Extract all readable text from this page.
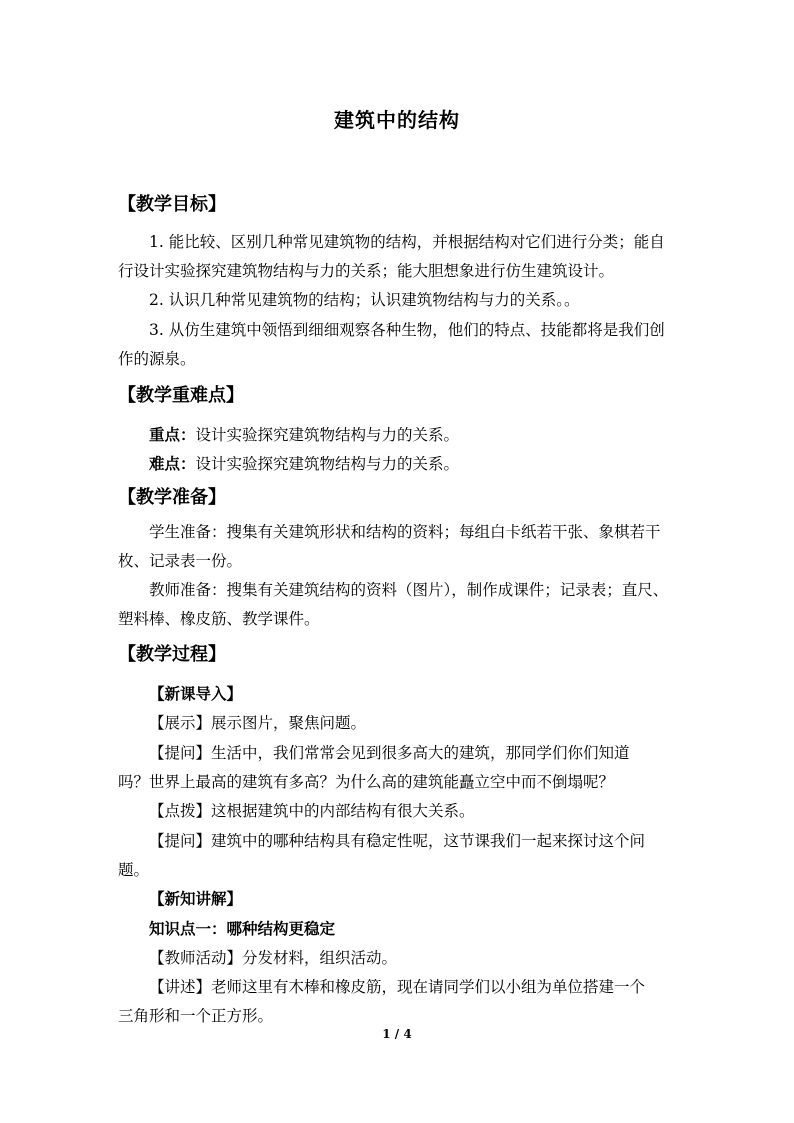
建筑中的结构
【教学目标】
1. 能比较、区别几种常见建筑物的结构，并根据结构对它们进行分类；能自行设计实验探究建筑物结构与力的关系；能大胆想象进行仿生建筑设计。
2. 认识几种常见建筑物的结构；认识建筑物结构与力的关系。。
3. 从仿生建筑中领悟到细细观察各种生物，他们的特点、技能都将是我们创作的源泉。
【教学重难点】
重点：设计实验探究建筑物结构与力的关系。
难点：设计实验探究建筑物结构与力的关系。
【教学准备】
学生准备：搜集有关建筑形状和结构的资料；每组白卡纸若干张、象棋若干枚、记录表一份。
教师准备：搜集有关建筑结构的资料（图片），制作成课件；记录表；直尺、塑料棒、橡皮筋、教学课件。
【教学过程】
【新课导入】
【展示】展示图片，聚焦问题。
【提问】生活中，我们常常会见到很多高大的建筑，那同学们你们知道
吗？世界上最高的建筑有多高？为什么高的建筑能矗立空中而不倒塌呢？
【点拨】这根据建筑中的内部结构有很大关系。
【提问】建筑中的哪种结构具有稳定性呢，这节课我们一起来探讨这个问
题。
【新知讲解】
知识点一：哪种结构更稳定
【教师活动】分发材料，组织活动。
【讲述】老师这里有木棒和橡皮筋，现在请同学们以小组为单位搭建一个
三角形和一个正方形。
1 / 4
